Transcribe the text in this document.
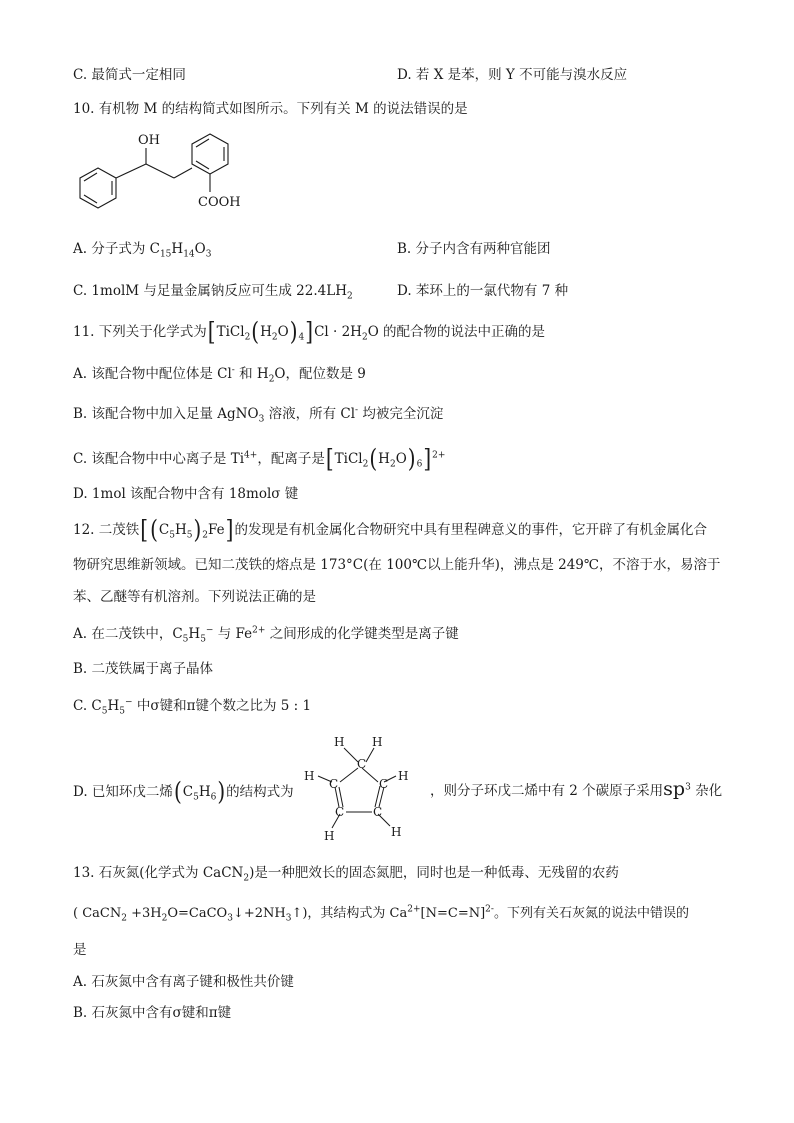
C. 最简式一定相同	D. 若 X 是苯，则 Y 不可能与溴水反应
10. 有机物 M 的结构简式如图所示。下列有关 M 的说法错误的是
OH
COOH
A. 分子式为 $C_{15}H_{14}O_3$	B. 分子内含有两种官能团
C. 1molM 与足量金属钠反应可生成 $22.4LH_2$	D. 苯环上的一氯代物有 7 种
11. 下列关于化学式为$[TiCl_2(H_2O)_4]Cl \cdot 2H_2O$ 的配合物的说法中正确的是
A. 该配合物中配位体是 Cl- 和 $H_2O$，配位数是 9
B. 该配合物中加入足量 AgNO$_3$ 溶液，所有 Cl- 均被完全沉淀
C. 该配合物中中心离子是 $Ti^{4+}$，配离子是$[TiCl_2(H_2O)_6]^{2+}$
D. 1mol 该配合物中含有 18molσ 键
12. 二茂铁[ $(C_5H_5)_2Fe$]的发现是有机金属化合物研究中具有里程碑意义的事件，它开辟了有机金属化合
物研究思维新领域。已知二茂铁的熔点是 173°C(在 100℃以上能升华)，沸点是 249℃，不溶于水，易溶于
苯、乙醚等有机溶剂。下列说法正确的是
A. 在二茂铁中，$C_5H_5^-$ 与 $Fe^{2+}$ 之间形成的化学键类型是离子键
B. 二茂铁属于离子晶体
C. $C_5H_5^-$ 中σ键和π键个数之比为 5 : 1
D. 已知环戊二烯$(C_5H_6)$的结构式为
H H
C
H
H
C
C
C
C
H
H
，则分子环戊二烯中有 2 个碳原子采用$sp^3$ 杂化
13. 石灰氮(化学式为 CaCN$_2$)是一种肥效长的固态氮肥，同时也是一种低毒、无残留的农药
( CaCN$_2$ $+3H_2O=CaCO_3↓+2NH_3↑$)，其结构式为 $Ca^{2+}[N=C=N]^{2-}$。下列有关石灰氮的说法中错误的
是
A. 石灰氮中含有离子键和极性共价键
B. 石灰氮中含有σ键和π键
